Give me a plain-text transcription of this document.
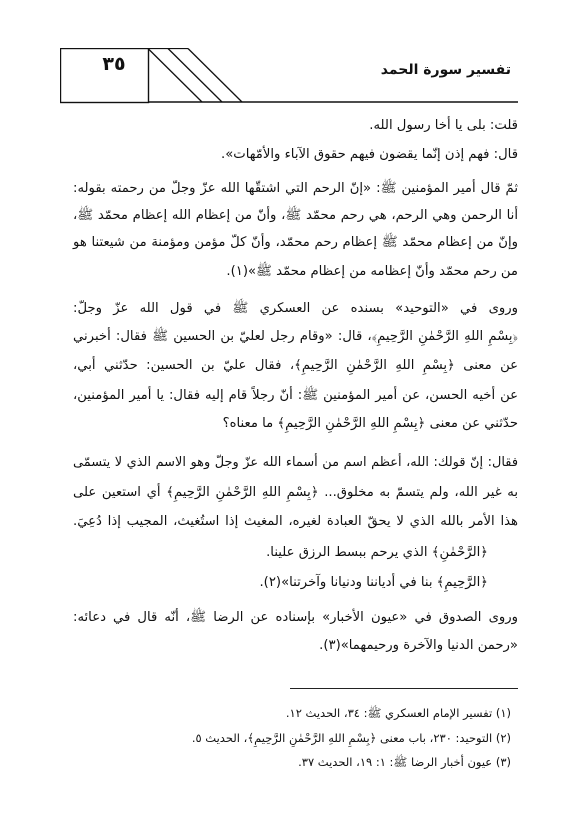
٣٥	تفسير سورة الحمد
قلت: بلى يا أخا رسول الله.
قال: فهم إذن إنّما يقضون فيهم حقوق الآباء والأمّهات».
ثمّ قال أمير المؤمنين ﷺ: «إنّ الرحم التي اشتقّها الله عزّ وجلّ من رحمته بقوله:
أنا الرحمن وهي الرحم، هي رحم محمّد ﷺ، وأنّ من إعظام الله إعظام محمّد ﷺ،
وإنّ من إعظام محمّد ﷺ إعظام رحم محمّد، وأنّ كلّ مؤمن ومؤمنة من شيعتنا هو
من رحم محمّد وأنّ إعظامه من إعظام محمّد ﷺ»(١).
وروى في «التوحيد» بسنده عن العسكري ﷺ في قول الله عزّ وجلّ:
﴿بِسْمِ اللهِ الرَّحْمٰنِ الرَّحِيمِ﴾، قال: «وقام رجل لعليّ بن الحسين ﷺ فقال: أخبرني
عن معنى ﴿بِسْمِ اللهِ الرَّحْمٰنِ الرَّحِيمِ﴾، فقال عليّ بن الحسين: حدّثني أبي،
عن أخيه الحسن، عن أمير المؤمنين ﷺ: أنّ رجلاً قام إليه فقال: يا أمير المؤمنين،
حدّثني عن معنى ﴿بِسْمِ اللهِ الرَّحْمٰنِ الرَّحِيمِ﴾ ما معناه؟
فقال: إنّ قولك: الله، أعظم اسم من أسماء الله عزّ وجلّ وهو الاسم الذي لا يتسمّى
به غير الله، ولم يتسمّ به مخلوق... ﴿بِسْمِ اللهِ الرَّحْمٰنِ الرَّحِيمِ﴾ أي استعين على
هذا الأمر بالله الذي لا يحقّ العبادة لغيره، المغيث إذا استُغيث، المجيب إذا دُعِيَ.
﴿الرَّحْمٰنِ﴾ الذي يرحم ببسط الرزق علينا.
﴿الرَّحِيمِ﴾ بنا في أدياننا ودنيانا وآخرتنا»(٢).
وروى الصدوق في «عيون الأخبار» بإسناده عن الرضا ﷺ، أنّه قال في دعائه:
«رحمن الدنيا والآخرة ورحيمهما»(٣).
(١) تفسير الإمام العسكري ﷺ: ٣٤، الحديث ١٢.
(٢) التوحيد: ٢٣٠، باب معنى ﴿بِسْمِ اللهِ الرَّحْمٰنِ الرَّحِيمِ﴾، الحديث ٥.
(٣) عيون أخبار الرضا ﷺ: ١: ١٩، الحديث ٣٧.
